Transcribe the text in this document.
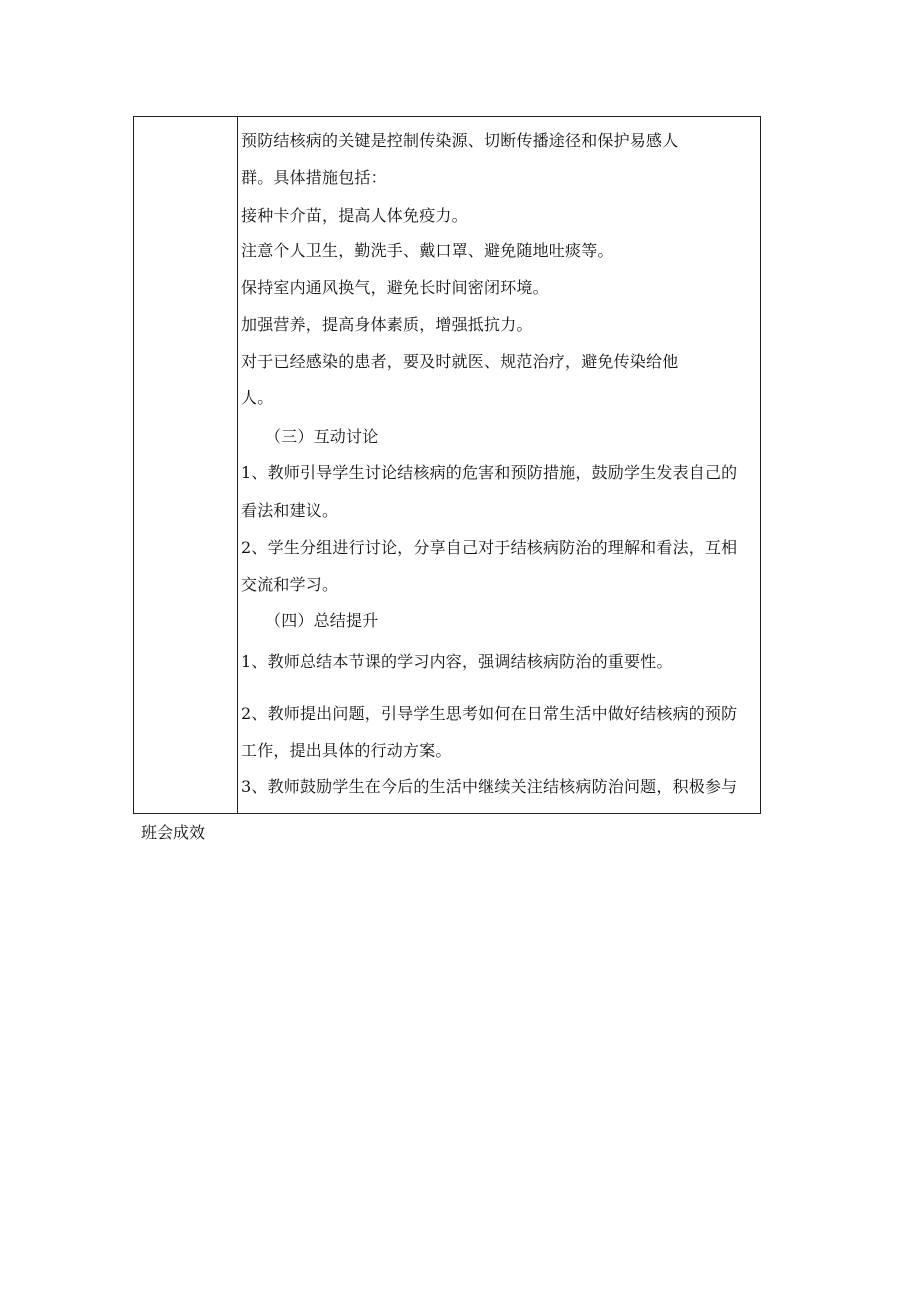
预防结核病的关键是控制传染源、切断传播途径和保护易感人
群。具体措施包括：
接种卡介苗，提高人体免疫力。
注意个人卫生，勤洗手、戴口罩、避免随地吐痰等。
保持室内通风换气，避免长时间密闭环境。
加强营养，提高身体素质，增强抵抗力。
对于已经感染的患者，要及时就医、规范治疗，避免传染给他
人。
（三）互动讨论
1、教师引导学生讨论结核病的危害和预防措施，鼓励学生发表自己的
看法和建议。
2、学生分组进行讨论，分享自己对于结核病防治的理解和看法，互相
交流和学习。
（四）总结提升
1、教师总结本节课的学习内容，强调结核病防治的重要性。
2、教师提出问题，引导学生思考如何在日常生活中做好结核病的预防
工作，提出具体的行动方案。
3、教师鼓励学生在今后的生活中继续关注结核病防治问题，积极参与
班会成效
